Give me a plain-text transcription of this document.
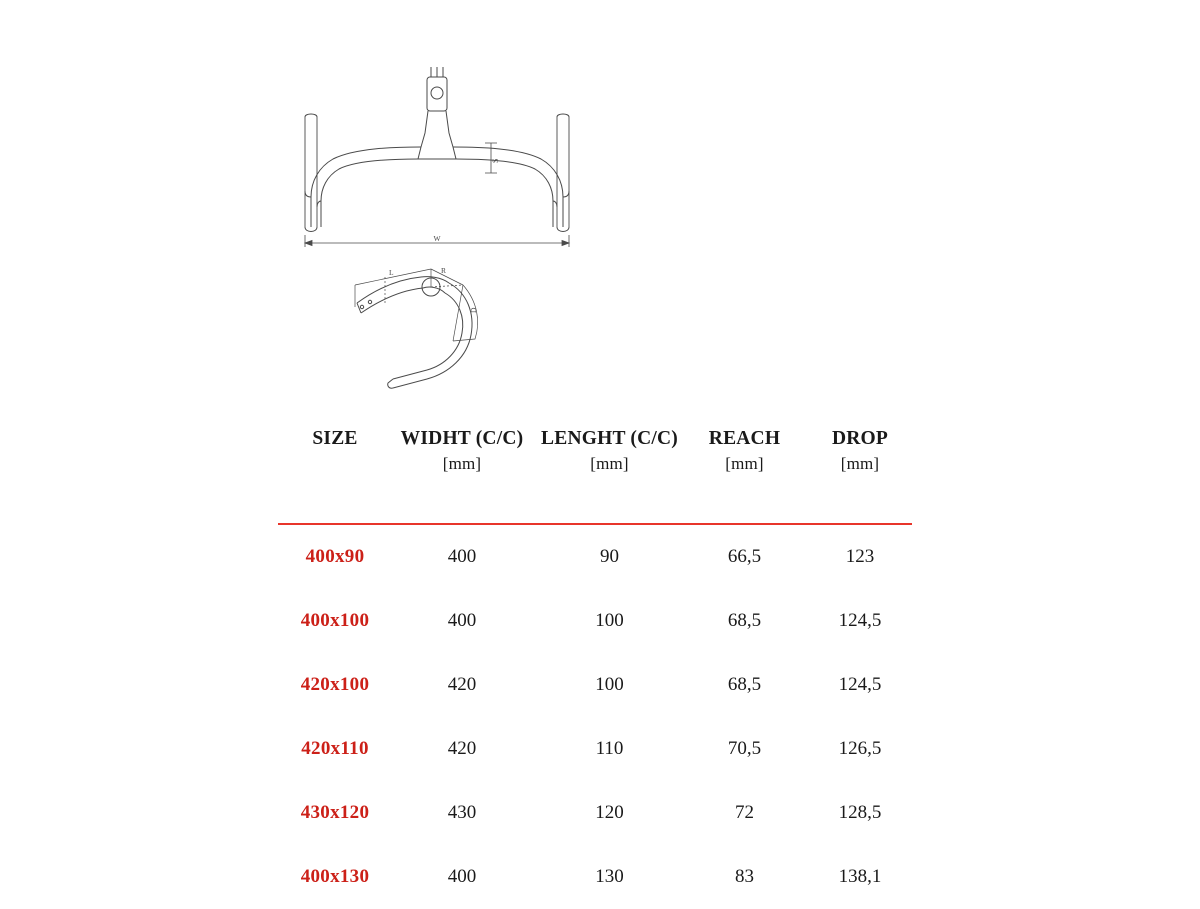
S
W
L	R
D
SIZE	WIDHT (C/C)	LENGHT (C/C)	REACH	DROP
	[mm]	[mm]	[mm]	[mm]

400x90	400	90	66,5	123
400x100	400	100	68,5	124,5
420x100	420	100	68,5	124,5
420x110	420	110	70,5	126,5
430x120	430	120	72	128,5
400x130	400	130	83	138,1
